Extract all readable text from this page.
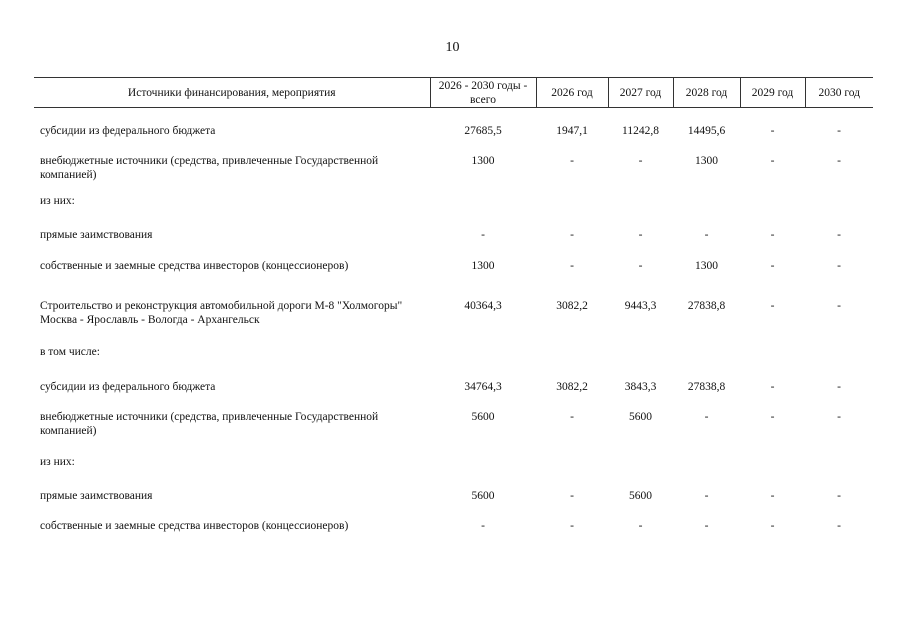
10
Источники финансирования, мероприятия	2026 - 2030 годы - всего	2026 год	2027 год	2028 год	2029 год	2030 год

субсидии из федерального бюджета	27685,5	1947,1	11242,8	14495,6	-	-
внебюджетные источники (средства, привлеченные Государственной компанией)	1300	-	-	1300	-	-
из них:						
прямые заимствования	-	-	-	-	-	-
собственные и заемные средства инвесторов (концессионеров)	1300	-	-	1300	-	-
Строительство и реконструкция автомобильной дороги М-8 "Холмогоры" Москва - Ярославль - Вологда - Архангельск	40364,3	3082,2	9443,3	27838,8	-	-
в том числе:						
субсидии из федерального бюджета	34764,3	3082,2	3843,3	27838,8	-	-
внебюджетные источники (средства, привлеченные Государственной компанией)	5600	-	5600	-	-	-
из них:						
прямые заимствования	5600	-	5600	-	-	-
собственные и заемные средства инвесторов (концессионеров)	-	-	-	-	-	-
